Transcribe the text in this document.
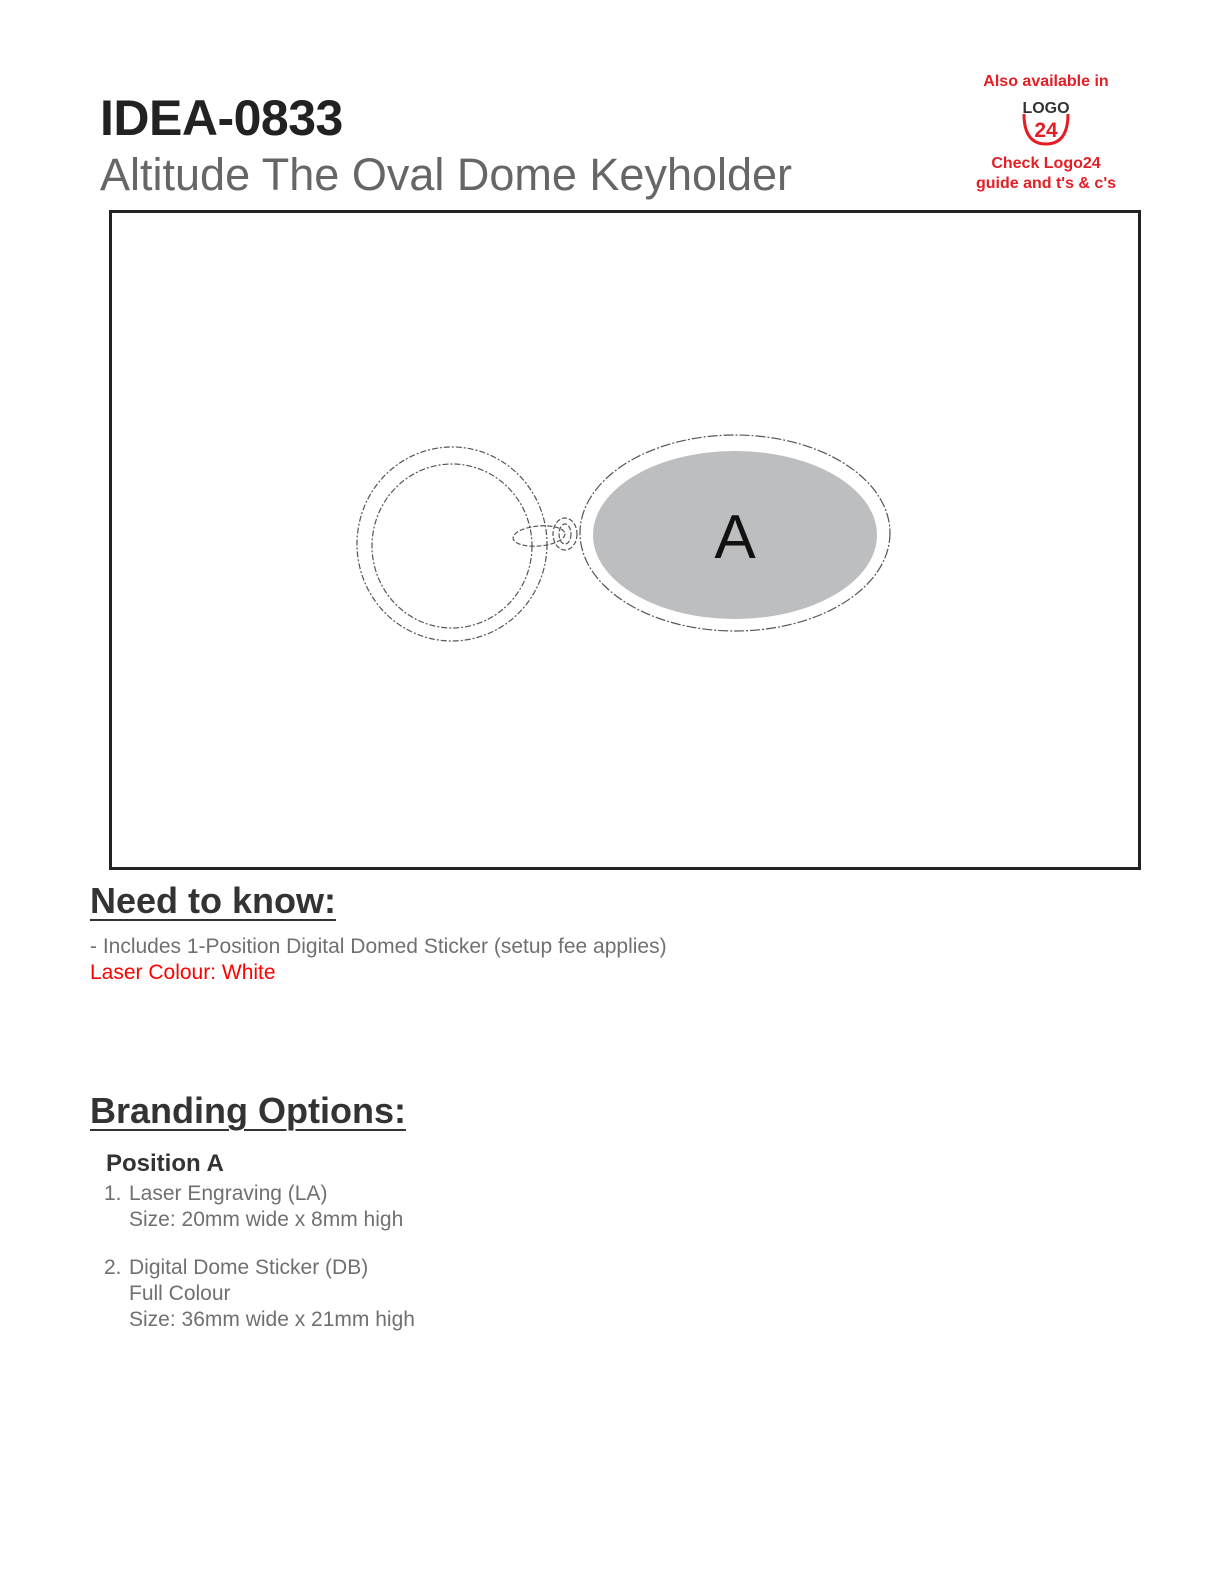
IDEA-0833
Altitude The Oval Dome Keyholder
Also available in
LOGO
24
Check Logo24
guide and t's & c's
A
Need to know:
- Includes 1-Position Digital Domed Sticker (setup fee applies)
Laser Colour: White
Branding Options:
Position A
1. Laser Engraving (LA)
Size: 20mm wide x 8mm high
2. Digital Dome Sticker (DB)
Full Colour
Size: 36mm wide x 21mm high
